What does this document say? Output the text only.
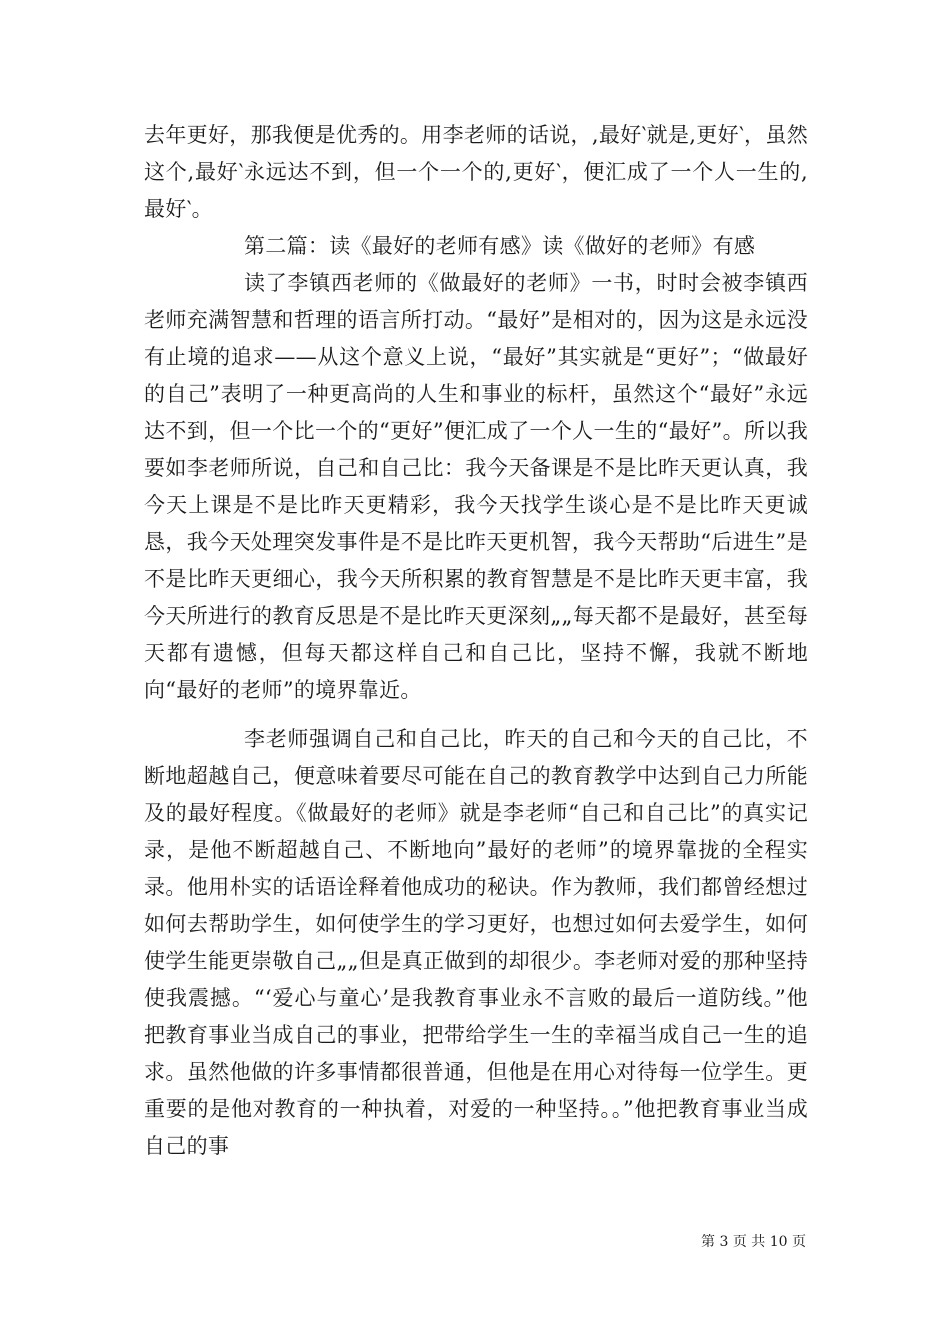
去年更好，那我便是优秀的。用李老师的话说，,最好‵就是,更好‵，虽然这个,最好‵永远达不到，但一个一个的,更好‵，便汇成了一个人一生的,最好‵。

第二篇：读《最好的老师有感》读《做好的老师》有感

读了李镇西老师的《做最好的老师》一书，时时会被李镇西老师充满智慧和哲理的语言所打动。“最好”是相对的，因为这是永远没有止境的追求——从这个意义上说，“最好”其实就是“更好”；“做最好的自己”表明了一种更高尚的人生和事业的标杆，虽然这个“最好”永远达不到，但一个比一个的“更好”便汇成了一个人一生的“最好”。所以我要如李老师所说，自己和自己比：我今天备课是不是比昨天更认真，我今天上课是不是比昨天更精彩，我今天找学生谈心是不是比昨天更诚恳，我今天处理突发事件是不是比昨天更机智，我今天帮助“后进生”是不是比昨天更细心，我今天所积累的教育智慧是不是比昨天更丰富，我今天所进行的教育反思是不是比昨天更深刻„„每天都不是最好，甚至每天都有遗憾，但每天都这样自己和自己比，坚持不懈，我就不断地向“最好的老师”的境界靠近。

李老师强调自己和自己比，昨天的自己和今天的自己比，不断地超越自己，便意味着要尽可能在自己的教育教学中达到自己力所能及的最好程度。《做最好的老师》就是李老师“自己和自己比”的真实记录，是他不断超越自己、不断地向”最好的老师”的境界靠拢的全程实录。他用朴实的话语诠释着他成功的秘诀。作为教师，我们都曾经想过如何去帮助学生，如何使学生的学习更好，也想过如何去爱学生，如何使学生能更崇敬自己„„但是真正做到的却很少。李老师对爱的那种坚持使我震撼。“‘爱心与童心’是我教育事业永不言败的最后一道防线。”他把教育事业当成自己的事业，把带给学生一生的幸福当成自己一生的追求。虽然他做的许多事情都很普通，但他是在用心对待每一位学生。更重要的是他对教育的一种执着，对爱的一种坚持。。”他把教育事业当成自己的事

第 3 页 共 10 页
